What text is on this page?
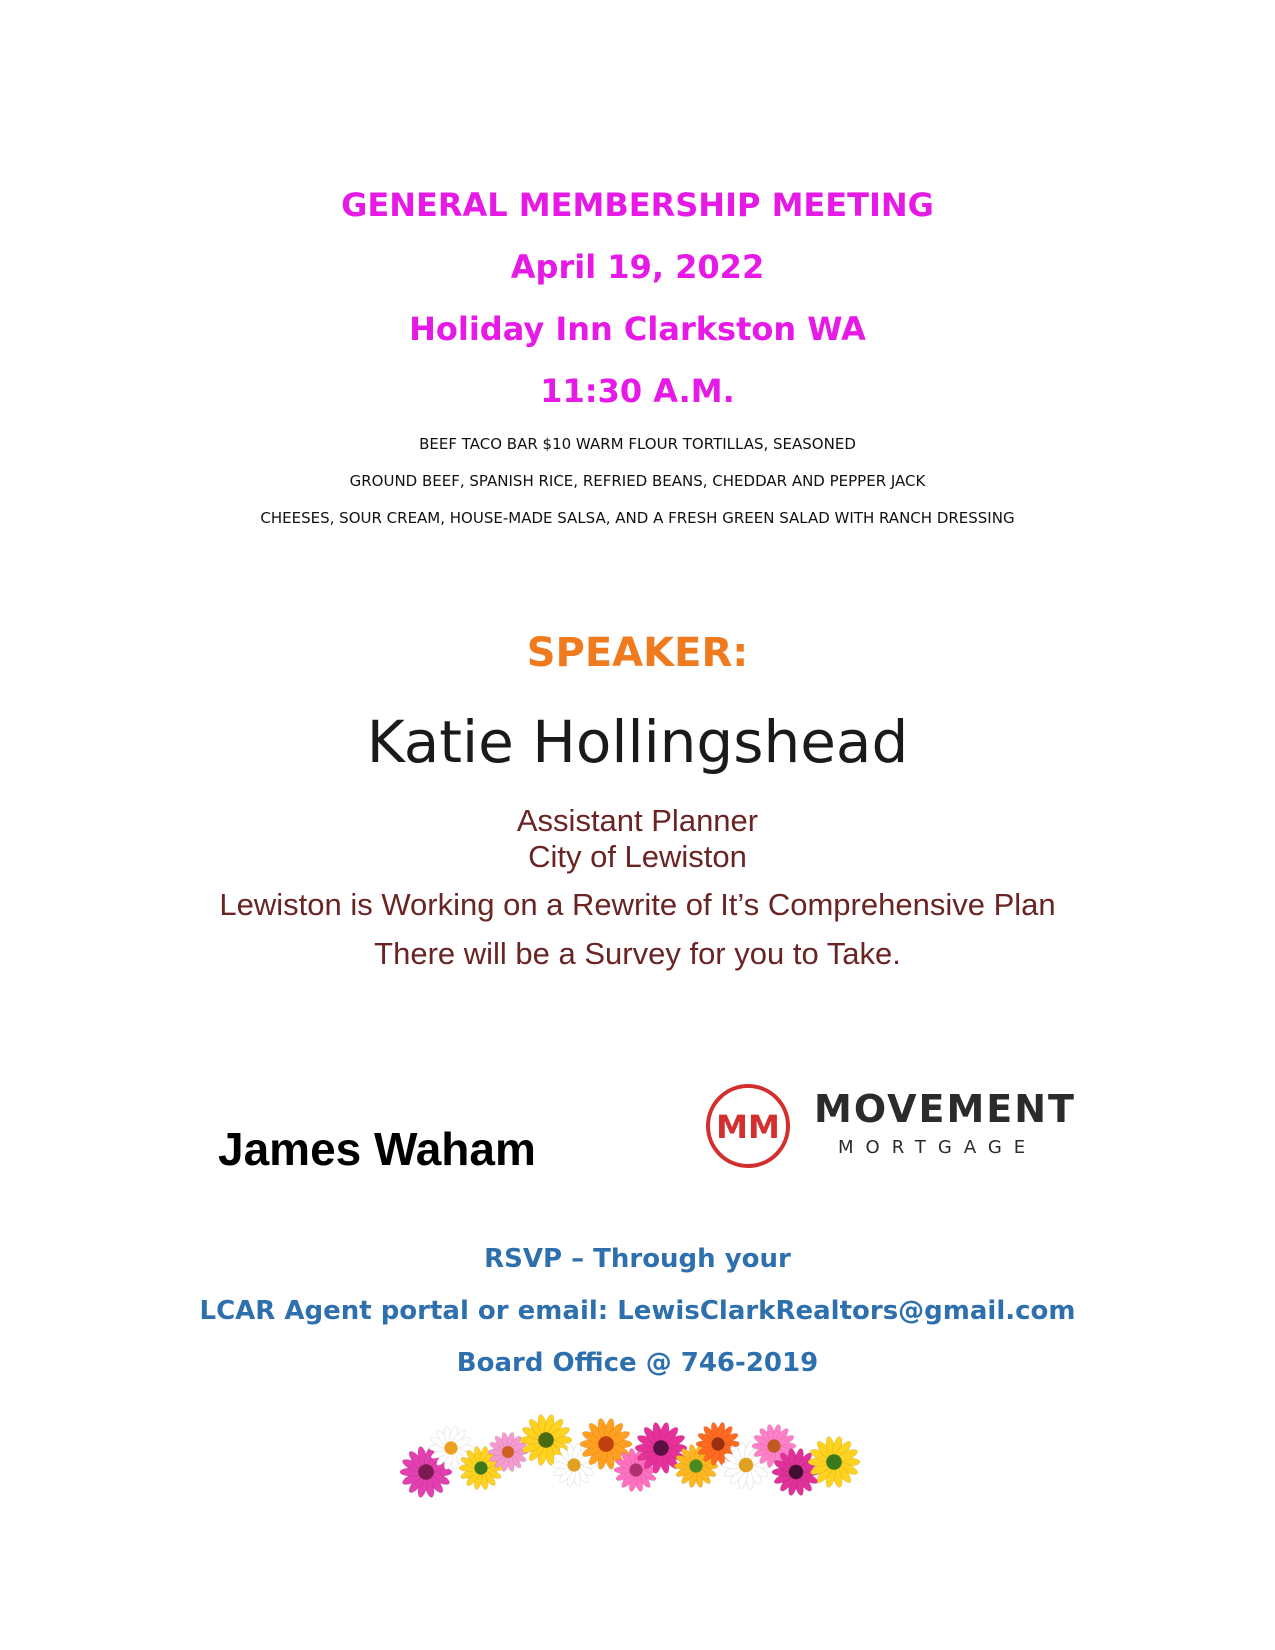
GENERAL MEMBERSHIP MEETING
April 19, 2022
Holiday Inn Clarkston WA
11:30 A.M.
BEEF TACO BAR $10 WARM FLOUR TORTILLAS, SEASONED
GROUND BEEF, SPANISH RICE, REFRIED BEANS, CHEDDAR AND PEPPER JACK
CHEESES, SOUR CREAM, HOUSE-MADE SALSA, AND A FRESH GREEN SALAD WITH RANCH DRESSING
SPEAKER:
Katie Hollingshead
Assistant Planner
City of Lewiston
Lewiston is Working on a Rewrite of It’s Comprehensive Plan
There will be a Survey for you to Take.
James Waham	MM MOVEMENT
MORTGAGE
RSVP – Through your
LCAR Agent portal or email: LewisClarkRealtors@gmail.com
Board Office @ 746-2019
